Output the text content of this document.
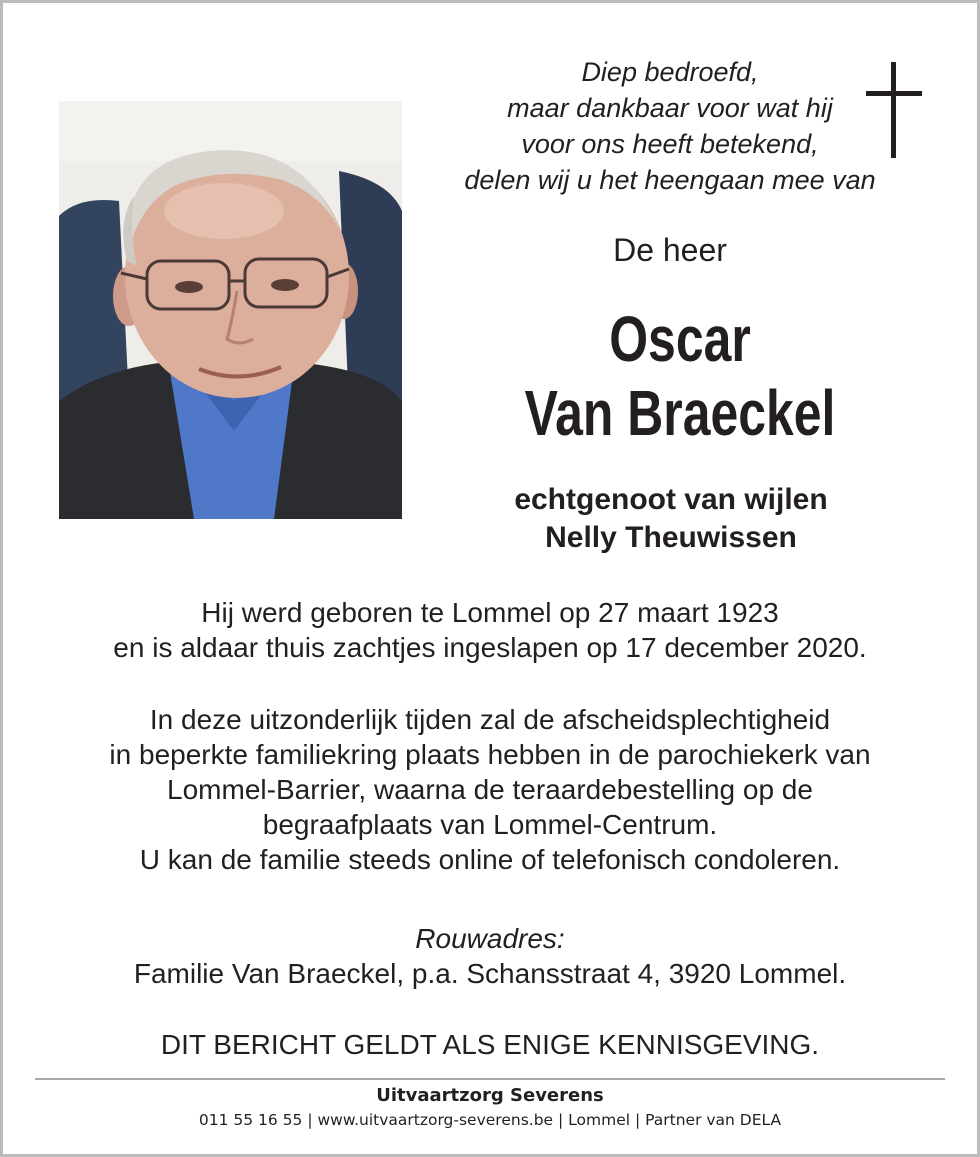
Diep bedroefd,
maar dankbaar voor wat hij
voor ons heeft betekend,
delen wij u het heengaan mee van
De heer
Oscar
Van Braeckel
echtgenoot van wijlen
Nelly Theuwissen
Hij werd geboren te Lommel op 27 maart 1923
en is aldaar thuis zachtjes ingeslapen op 17 december 2020.
In deze uitzonderlijk tijden zal de afscheidsplechtigheid
in beperkte familiekring plaats hebben in de parochiekerk van
Lommel-Barrier, waarna de teraardebestelling op de
begraafplaats van Lommel-Centrum.
U kan de familie steeds online of telefonisch condoleren.
Rouwadres:
Familie Van Braeckel, p.a. Schansstraat 4, 3920 Lommel.
DIT BERICHT GELDT ALS ENIGE KENNISGEVING.
Uitvaartzorg Severens
011 55 16 55 | www.uitvaartzorg-severens.be | Lommel | Partner van DELA
